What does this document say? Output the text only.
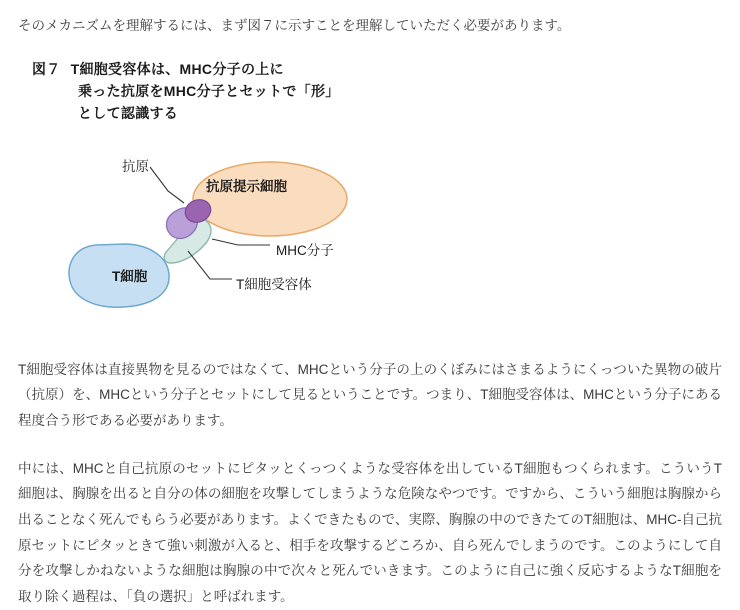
そのメカニズムを理解するには、まず図７に示すことを理解していただく必要があります。

図７ T細胞受容体は、MHC分子の上に
乗った抗原をMHC分子とセットで「形」
として認識する
抗原
抗原提示細胞
MHC分子
T細胞受容体
T細胞

T細胞受容体は直接異物を見るのではなくて、MHCという分子の上のくぼみにはさまるようにくっついた異物の破片（抗原）を、MHCという分子とセットにして見るということです。つまり、T細胞受容体は、MHCという分子にある程度合う形である必要があります。

中には、MHCと自己抗原のセットにピタッとくっつくような受容体を出しているT細胞もつくられます。こういうT細胞は、胸腺を出ると自分の体の細胞を攻撃してしまうような危険なやつです。ですから、こういう細胞は胸腺から出ることなく死んでもらう必要があります。よくできたもので、実際、胸腺の中のできたてのT細胞は、MHC-自己抗原セットにピタッときて強い刺激が入ると、相手を攻撃するどころか、自ら死んでしまうのです。このようにして自分を攻撃しかねないような細胞は胸腺の中で次々と死んでいきます。このように自己に強く反応するようなT細胞を取り除く過程は、「負の選択」と呼ばれます。
